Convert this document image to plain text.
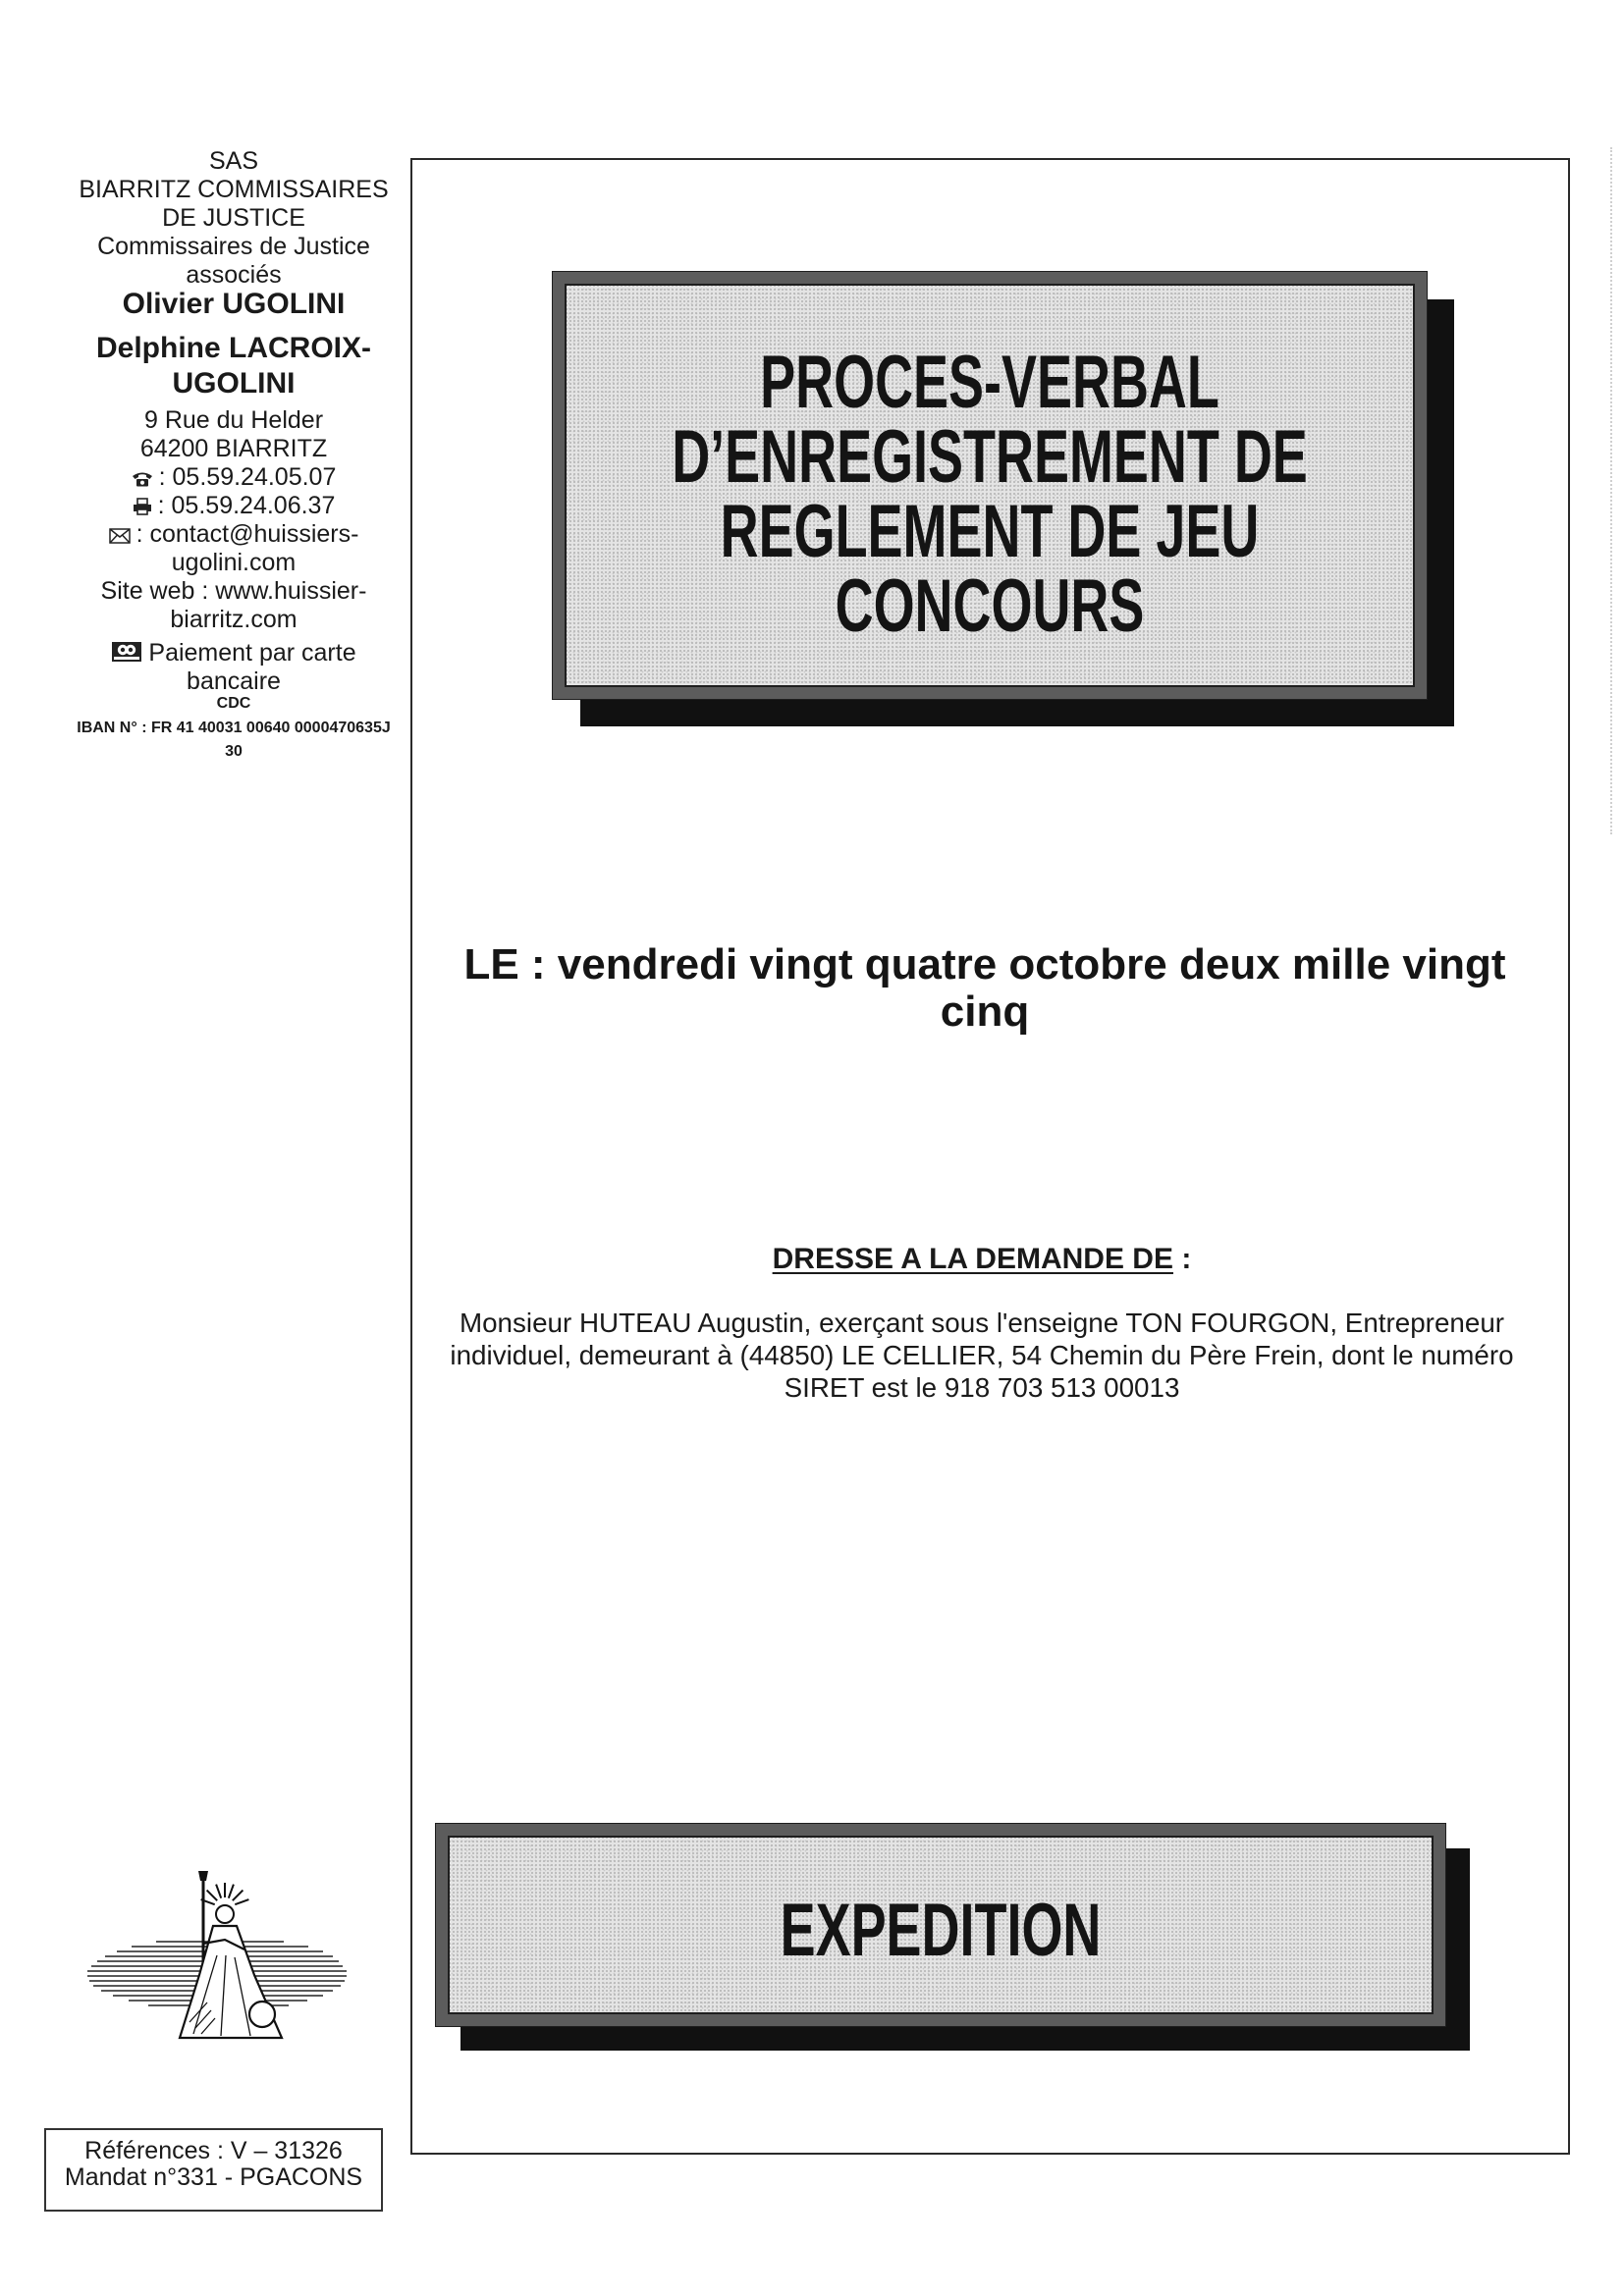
SAS
BIARRITZ COMMISSAIRES
DE JUSTICE
Commissaires de Justice
associés
Olivier UGOLINI
Delphine LACROIX-
UGOLINI
9 Rue du Helder
64200 BIARRITZ
: 05.59.24.05.07
: 05.59.24.06.37
: contact@huissiers-
ugolini.com
Site web : www.huissier-
biarritz.com
Paiement par carte
bancaire
CDC
IBAN N° : FR 41 40031 00640 0000470635J
30
Références : V – 31326
Mandat n°331 - PGACONS
PROCES-VERBAL
D’ENREGISTREMENT DE
REGLEMENT DE JEU
CONCOURS
LE : vendredi vingt quatre octobre deux mille vingt cinq
DRESSE A LA DEMANDE DE :
Monsieur HUTEAU Augustin, exerçant sous l'enseigne TON FOURGON, Entrepreneur individuel, demeurant à (44850) LE CELLIER, 54 Chemin du Père Frein, dont le numéro SIRET est le 918 703 513 00013
EXPEDITION
